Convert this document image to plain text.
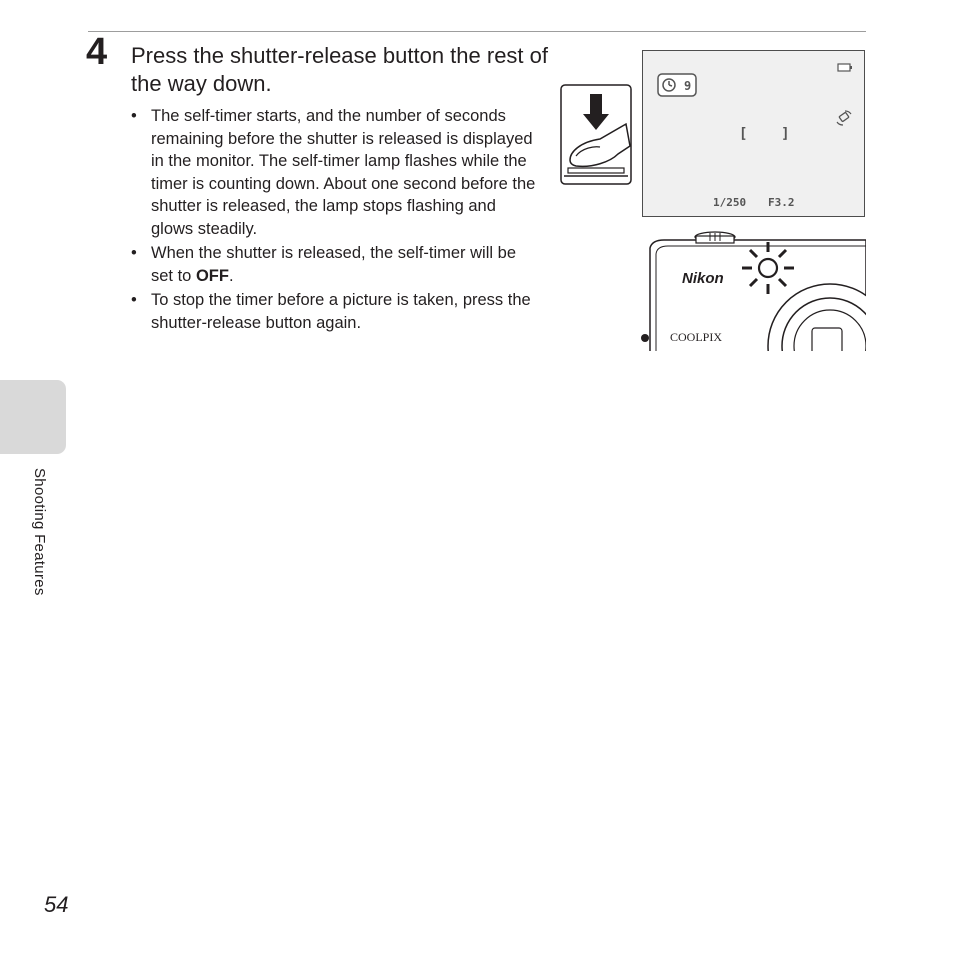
4 Press the shutter-release button the rest of the way down.
• The self-timer starts, and the number of seconds remaining before the shutter is released is displayed in the monitor. The self-timer lamp flashes while the timer is counting down. About one second before the shutter is released, the lamp stops flashing and glows steadily.
• When the shutter is released, the self-timer will be set to OFF.
• To stop the timer before a picture is taken, press the shutter-release button again.
9
[    ]
1/250 F3.2
Nikon
COOLPIX
Shooting Features
54
